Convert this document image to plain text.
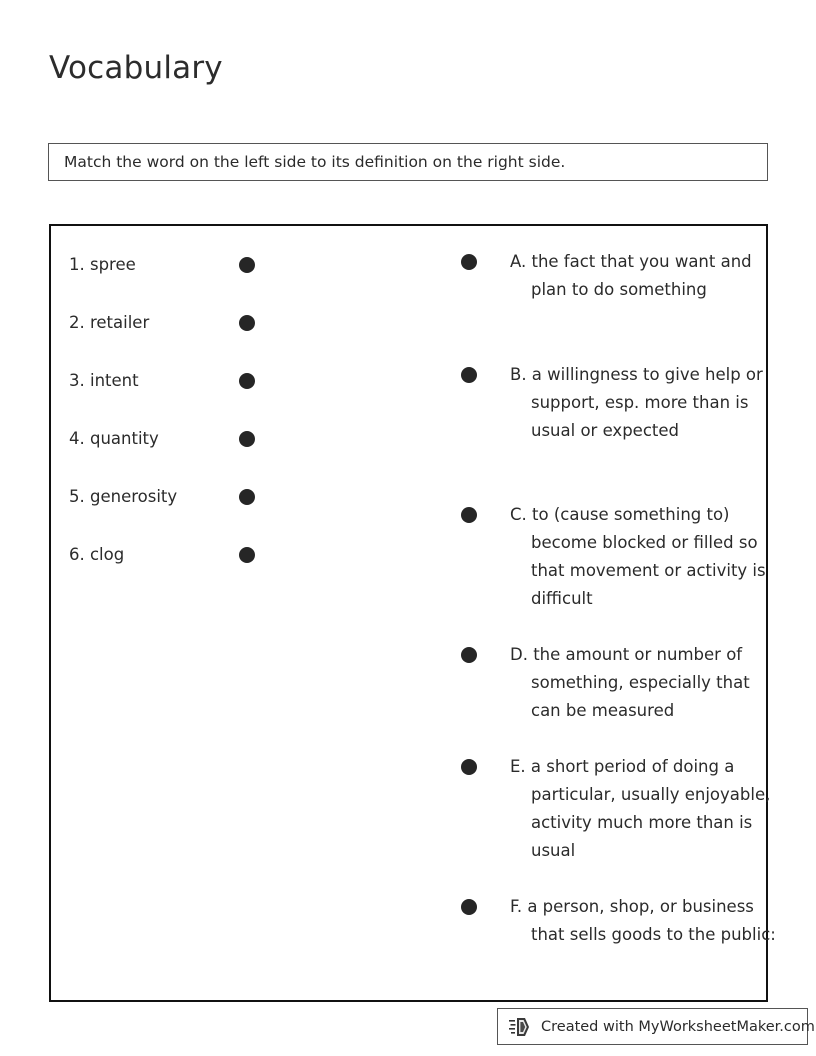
Vocabulary
Match the word on the left side to its definition on the right side.
1. spree
2. retailer
3. intent
4. quantity
5. generosity
6. clog
A. the fact that you want and plan to do something
B. a willingness to give help or support, esp. more than is usual or expected
C. to (cause something to) become blocked or filled so that movement or activity is difficult
D. the amount or number of something, especially that can be measured
E. a short period of doing a particular, usually enjoyable, activity much more than is usual
F. a person, shop, or business that sells goods to the public:
Created with MyWorksheetMaker.com
